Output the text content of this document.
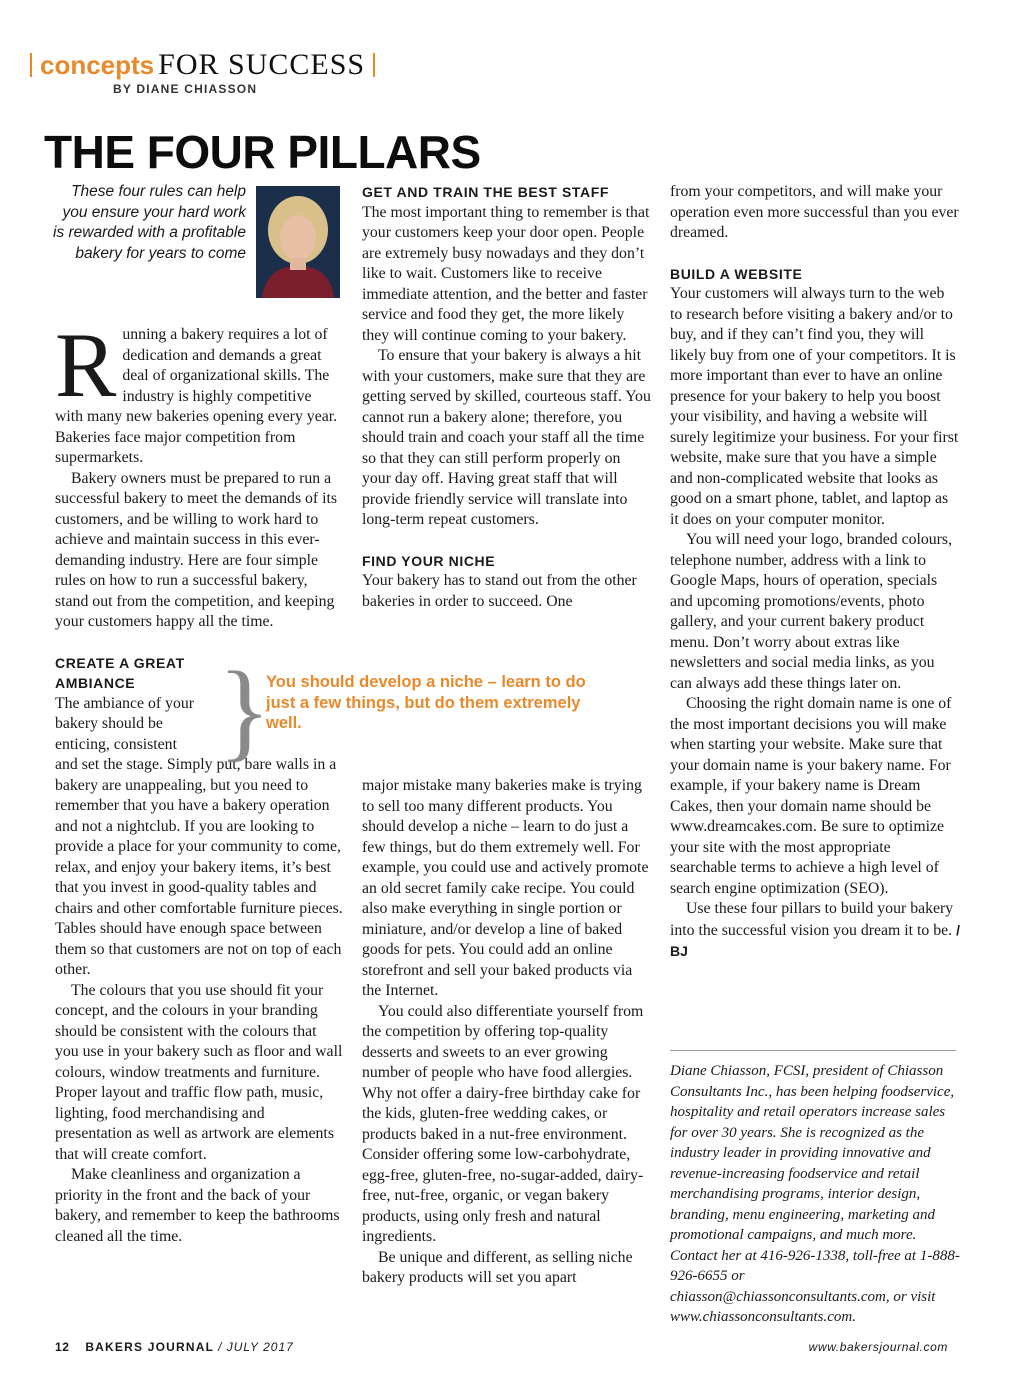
concepts FOR SUCCESS
BY DIANE CHIASSON
THE FOUR PILLARS
These four rules can help you ensure your hard work is rewarded with a profitable bakery for years to come

Running a bakery requires a lot of dedication and demands a great deal of organizational skills. The industry is highly competitive with many new bakeries opening every year. Bakeries face major competition from supermarkets.

Bakery owners must be prepared to run a successful bakery to meet the demands of its customers, and be willing to work hard to achieve and maintain success in this ever-demanding industry. Here are four simple rules on how to run a successful bakery, stand out from the competition, and keeping your customers happy all the time.

CREATE A GREAT AMBIANCE

The ambiance of your bakery should be enticing, consistent

and set the stage. Simply put, bare walls in a bakery are unappealing, but you need to remember that you have a bakery operation and not a nightclub. If you are looking to provide a place for your community to come, relax, and enjoy your bakery items, it’s best that you invest in good-quality tables and chairs and other comfortable furniture pieces. Tables should have enough space between them so that customers are not on top of each other.

The colours that you use should fit your concept, and the colours in your branding should be consistent with the colours that you use in your bakery such as floor and wall colours, window treatments and furniture. Proper layout and traffic flow path, music, lighting, food merchandising and presentation as well as artwork are elements that will create comfort.

Make cleanliness and organization a priority in the front and the back of your bakery, and remember to keep the bathrooms cleaned all the time.

}
You should develop a niche – learn to do just a few things, but do them extremely well.
GET AND TRAIN THE BEST STAFF

The most important thing to remember is that your customers keep your door open. People are extremely busy nowadays and they don’t like to wait. Customers like to receive immediate attention, and the better and faster service and food they get, the more likely they will continue coming to your bakery.

To ensure that your bakery is always a hit with your customers, make sure that they are getting served by skilled, courteous staff. You cannot run a bakery alone; therefore, you should train and coach your staff all the time so that they can still perform properly on your day off. Having great staff that will provide friendly service will translate into long-term repeat customers.

FIND YOUR NICHE

Your bakery has to stand out from the other bakeries in order to succeed. One

major mistake many bakeries make is trying to sell too many different products. You should develop a niche – learn to do just a few things, but do them extremely well. For example, you could use and actively promote an old secret family cake recipe. You could also make everything in single portion or miniature, and/or develop a line of baked goods for pets. You could add an online storefront and sell your baked products via the Internet.

You could also differentiate yourself from the competition by offering top-quality desserts and sweets to an ever growing number of people who have food allergies. Why not offer a dairy-free birthday cake for the kids, gluten-free wedding cakes, or products baked in a nut-free environment. Consider offering some low-carbohydrate, egg-free, gluten-free, no-sugar-added, dairy-free, nut-free, organic, or vegan bakery products, using only fresh and natural ingredients.

Be unique and different, as selling niche bakery products will set you apart

from your competitors, and will make your operation even more successful than you ever dreamed.

BUILD A WEBSITE

Your customers will always turn to the web to research before visiting a bakery and/or to buy, and if they can’t find you, they will likely buy from one of your competitors. It is more important than ever to have an online presence for your bakery to help you boost your visibility, and having a website will surely legitimize your business. For your first website, make sure that you have a simple and non-complicated website that looks as good on a smart phone, tablet, and laptop as it does on your computer monitor.

You will need your logo, branded colours, telephone number, address with a link to Google Maps, hours of operation, specials and upcoming promotions/events, photo gallery, and your current bakery product menu. Don’t worry about extras like newsletters and social media links, as you can always add these things later on.

Choosing the right domain name is one of the most important decisions you will make when starting your website. Make sure that your domain name is your bakery name. For example, if your bakery name is Dream Cakes, then your domain name should be www.dreamcakes.com. Be sure to optimize your site with the most appropriate searchable terms to achieve a high level of search engine optimization (SEO).

Use these four pillars to build your bakery into the successful vision you dream it to be. / BJ

Diane Chiasson, FCSI, president of Chiasson Consultants Inc., has been helping foodservice, hospitality and retail operators increase sales for over 30 years. She is recognized as the industry leader in providing innovative and revenue-increasing foodservice and retail merchandising programs, interior design, branding, menu engineering, marketing and promotional campaigns, and much more. Contact her at 416-926-1338, toll-free at 1-888-926-6655 or chiasson@chiassonconsultants.com, or visit www.chiassonconsultants.com.
12 BAKERS JOURNAL / JULY 2017	www.bakersjournal.com
